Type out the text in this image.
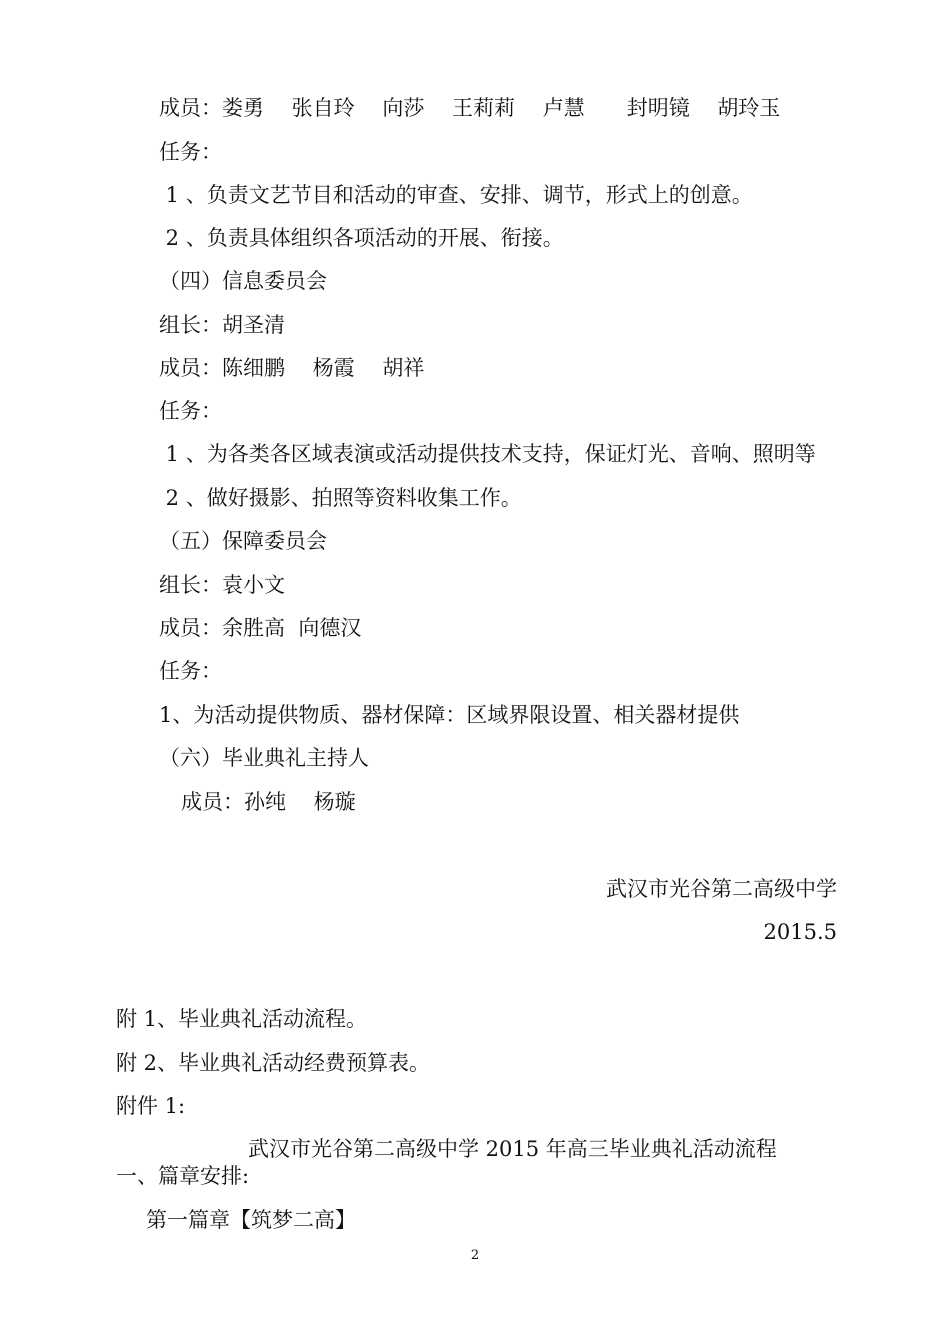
成员：娄勇　 张自玲　 向莎　 王莉莉　 卢慧　　封明镜　 胡玲玉
任务：
1 、负责文艺节目和活动的审查、安排、调节，形式上的创意。
2 、负责具体组织各项活动的开展、衔接。
（四）信息委员会
组长：胡圣清
成员：陈细鹏　 杨霞　 胡祥
任务：
1 、为各类各区域表演或活动提供技术支持，保证灯光、音响、照明等
2 、做好摄影、拍照等资料收集工作。
（五）保障委员会
组长：袁小文
成员：余胜高  向德汉
任务：
1、为活动提供物质、器材保障：区域界限设置、相关器材提供
（六）毕业典礼主持人
成员：孙纯　 杨璇
武汉市光谷第二高级中学
2015.5
附 1、毕业典礼活动流程。
附 2、毕业典礼活动经费预算表。
附件 1:
武汉市光谷第二高级中学 2015 年高三毕业典礼活动流程
一、篇章安排:
第一篇章【筑梦二高】
2
